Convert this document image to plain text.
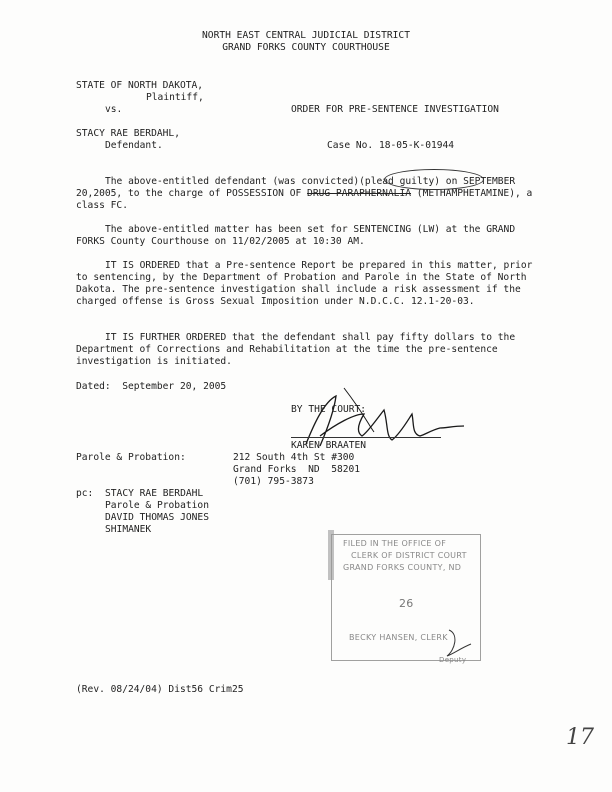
NORTH EAST CENTRAL JUDICIAL DISTRICT
GRAND FORKS COUNTY COURTHOUSE
STATE OF NORTH DAKOTA,
Plaintiff,
vs.	ORDER FOR PRE-SENTENCE INVESTIGATION
STACY RAE BERDAHL,
Defendant.	Case No. 18-05-K-01944
The above-entitled defendant (was convicted)(plead guilty) on SEPTEMBER 20,2005, to the charge of POSSESSION OF DRUG PARAPHERNALIA (METHAMPHETAMINE), a class FC.
The above-entitled matter has been set for SENTENCING (LW) at the GRAND FORKS County Courthouse on 11/02/2005 at 10:30 AM.
IT IS ORDERED that a Pre-sentence Report be prepared in this matter, prior to sentencing, by the Department of Probation and Parole in the State of North Dakota. The pre-sentence investigation shall include a risk assessment if the charged offense is Gross Sexual Imposition under N.D.C.C. 12.1-20-03.
IT IS FURTHER ORDERED that the defendant shall pay fifty dollars to the Department of Corrections and Rehabilitation at the time the pre-sentence investigation is initiated.
Dated:  September 20, 2005
BY THE COURT:
KAREN BRAATEN
Parole & Probation:	212 South 4th St #300
Grand Forks  ND  58201
(701) 795-3873
pc: STACY RAE BERDAHL
Parole & Probation
DAVID THOMAS JONES
SHIMANEK
FILED IN THE OFFICE OF
CLERK OF DISTRICT COURT
GRAND FORKS COUNTY, ND
26
BECKY HANSEN, CLERK
Deputy
(Rev. 08/24/04) Dist56 Crim25
17
